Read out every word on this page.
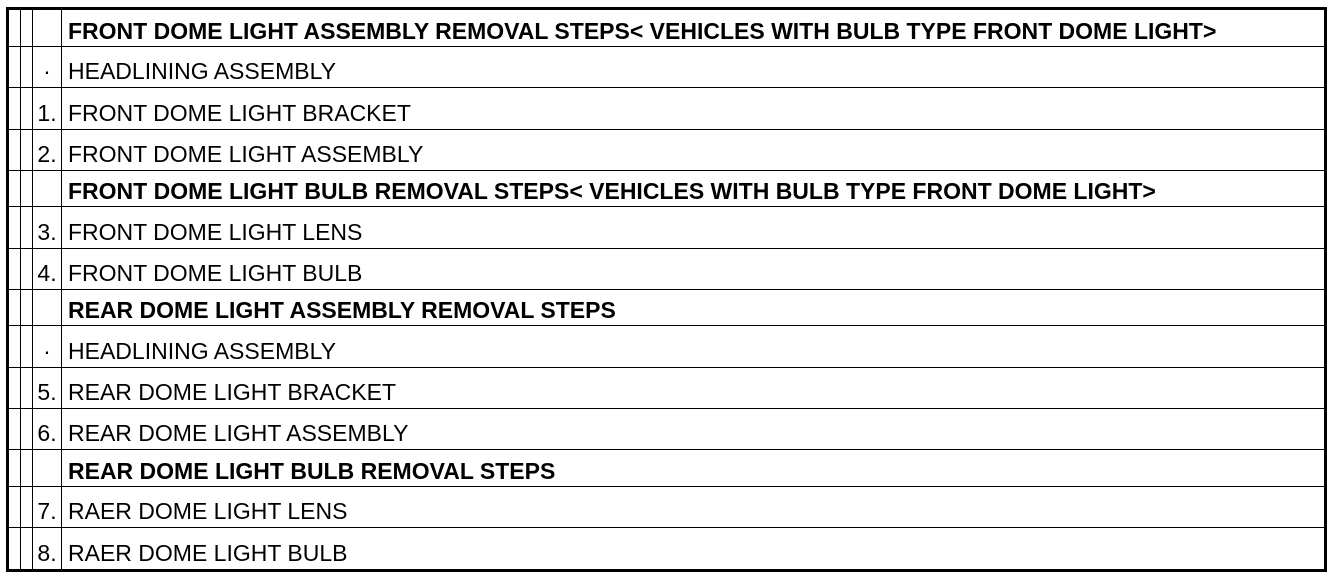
			FRONT DOME LIGHT ASSEMBLY REMOVAL STEPS< VEHICLES WITH BULB TYPE FRONT DOME LIGHT>
		·	HEADLINING ASSEMBLY
		1.	FRONT DOME LIGHT BRACKET
		2.	FRONT DOME LIGHT ASSEMBLY
			FRONT DOME LIGHT BULB REMOVAL STEPS< VEHICLES WITH BULB TYPE FRONT DOME LIGHT>
		3.	FRONT DOME LIGHT LENS
		4.	FRONT DOME LIGHT BULB
			REAR DOME LIGHT ASSEMBLY REMOVAL STEPS
		·	HEADLINING ASSEMBLY
		5.	REAR DOME LIGHT BRACKET
		6.	REAR DOME LIGHT ASSEMBLY
			REAR DOME LIGHT BULB REMOVAL STEPS
		7.	RAER DOME LIGHT LENS
		8.	RAER DOME LIGHT BULB
